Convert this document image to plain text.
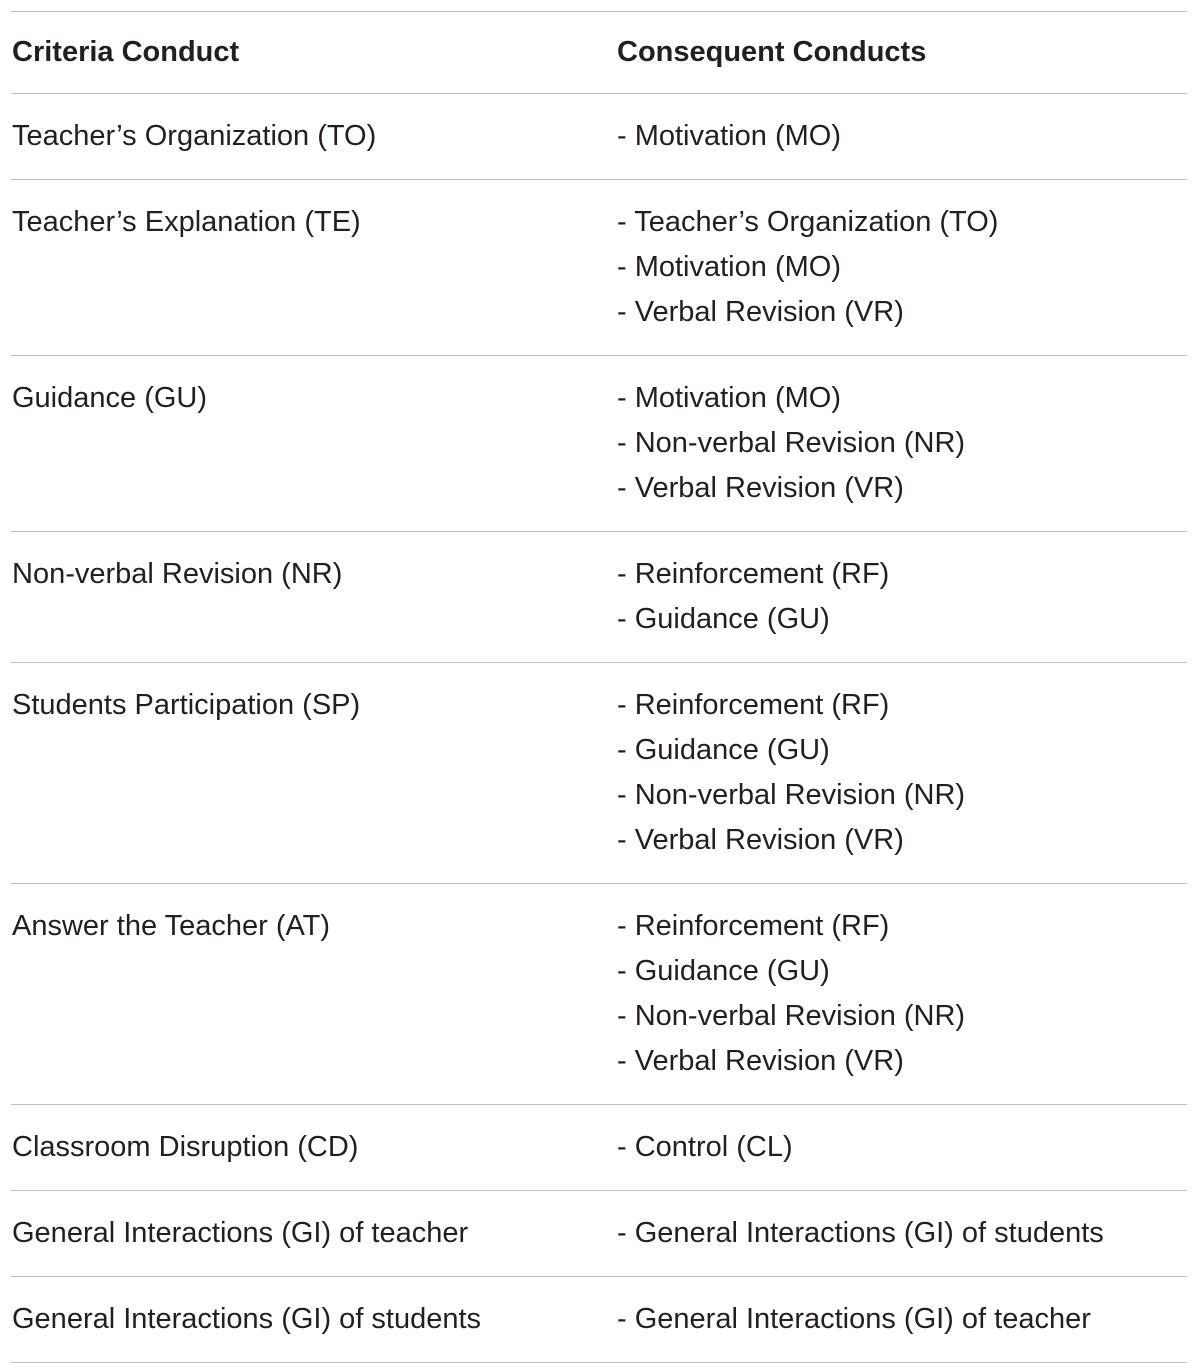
Criteria Conduct	Consequent Conducts
Teacher’s Organization (TO)	- Motivation (MO)
Teacher’s Explanation (TE)	- Teacher’s Organization (TO)
- Motivation (MO)
- Verbal Revision (VR)
Guidance (GU)	- Motivation (MO)
- Non-verbal Revision (NR)
- Verbal Revision (VR)
Non-verbal Revision (NR)	- Reinforcement (RF)
- Guidance (GU)
Students Participation (SP)	- Reinforcement (RF)
- Guidance (GU)
- Non-verbal Revision (NR)
- Verbal Revision (VR)
Answer the Teacher (AT)	- Reinforcement (RF)
- Guidance (GU)
- Non-verbal Revision (NR)
- Verbal Revision (VR)
Classroom Disruption (CD)	- Control (CL)
General Interactions (GI) of teacher	- General Interactions (GI) of students
General Interactions (GI) of students	- General Interactions (GI) of teacher
